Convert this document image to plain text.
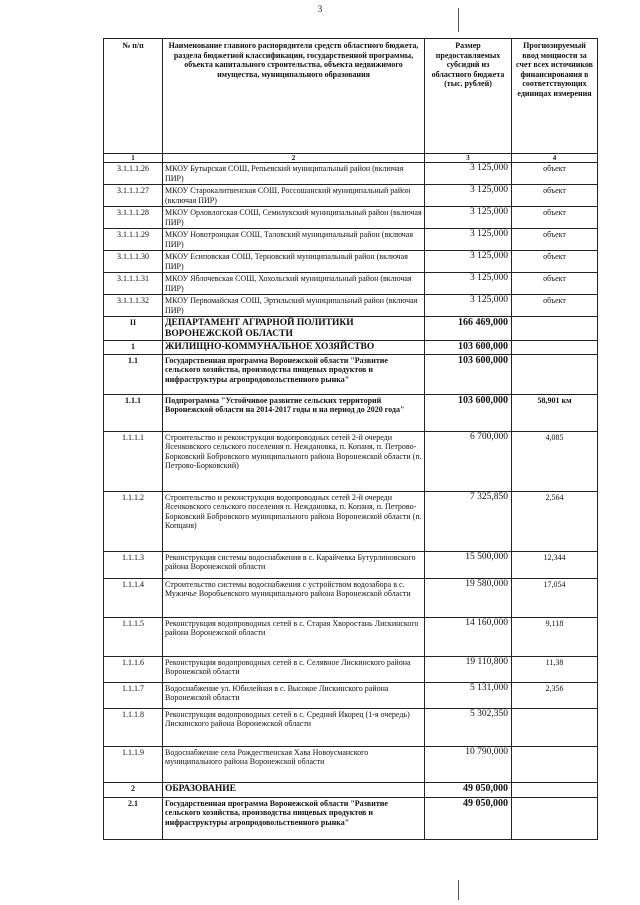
3
№ п/п	Наименование главного распорядителя средств областного бюджета, раздела бюджетной классификации, государственной программы, объекта капитального строительства, объекта недвижимого имущества, муниципального образования	Размер предоставляемых субсидий из областного бюджета (тыс. рублей)	Прогнозируемый ввод мощности за счет всех источников финансирования в соответствующих единицах измерения
1	2	3	4
3.1.1.1.26	МКОУ Бутырская СОШ, Репьевский муниципальный район (включая ПИР)	3 125,000	объект
3.1.1.1.27	МКОУ Старокалитвенская СОШ, Россошанский муниципальный район (включая ПИР)	3 125,000	объект
3.1.1.1.28	МКОУ Орловлогская СОШ, Семилукский муниципальный район (включая ПИР)	3 125,000	объект
3.1.1.1.29	МКОУ Новотроицкая СОШ, Таловский муниципальный район (включая ПИР)	3 125,000	объект
3.1.1.1.30	МКОУ Есиповская СОШ, Терновский муниципальный район (включая ПИР)	3 125,000	объект
3.1.1.1.31	МКОУ Яблочевская СОШ, Хохольский муниципальный район (включая ПИР)	3 125,000	объект
3.1.1.1.32	МКОУ Первомайская СОШ, Эртильский муниципальный район (включая ПИР)	3 125,000	объект
II	ДЕПАРТАМЕНТ АГРАРНОЙ ПОЛИТИКИ ВОРОНЕЖСКОЙ ОБЛАСТИ	166 469,000	
1	ЖИЛИЩНО-КОММУНАЛЬНОЕ ХОЗЯЙСТВО	103 600,000	
1.1	Государственная программа Воронежской области "Развитие сельского хозяйства, производства пищевых продуктов и инфраструктуры агропродовольственного рынка"	103 600,000	
1.1.1	Подпрограмма "Устойчивое развитие сельских территорий Воронежской области на 2014-2017 годы и на период до 2020 года"	103 600,000	58,901 км
1.1.1.1	Строительство и реконструкция водопроводных сетей 2-й очереди Ясенковского сельского поселения п. Неждановка, п. Копаня, п. Петрово-Борковский Бобровского муниципального района Воронежской области (п. Петрово-Борковский)	6 700,000	4,085
1.1.1.2	Строительство и реконструкция водопроводных сетей 2-й очереди Ясенковского сельского поселения п. Неждановка, п. Копаня, п. Петрово-Борковский Бобровского муниципального района Воронежской области (п. Копцаня)	7 325,850	2,564
1.1.1.3	Реконструкция системы водоснабжения в с. Карайчевка Бутурлиновского района Воронежской области	15 500,000	12,344
1.1.1.4	Строительство системы водоснабжения с устройством водозабора в с. Мужичье Воробьевского муниципального района Воронежской области	19 580,000	17,054
1.1.1.5	Реконструкция водопроводных сетей в с. Старая Хворостань Лискинского района Воронежской области	14 160,000	9,118
1.1.1.6	Реконструкция водопроводных сетей в с. Селявное Лискинского района Воронежской области	19 110,800	11,38
1.1.1.7	Водоснабжение ул. Юбилейная в с. Высокое Лискинского района Воронежской области	5 131,000	2,356
1.1.1.8	Реконструкция водопроводных сетей в с. Средний Икорец (1-я очередь) Лискинского района Воронежской области	5 302,350	
1.1.1.9	Водоснабжение села Рождественская Хава Новоусманского муниципального района Воронежской области	10 790,000	
2	ОБРАЗОВАНИЕ	49 050,000	
2.1	Государственная программа Воронежской области "Развитие сельского хозяйства, производства пищевых продуктов и инфраструктуры агропродовольственного рынка"	49 050,000	
